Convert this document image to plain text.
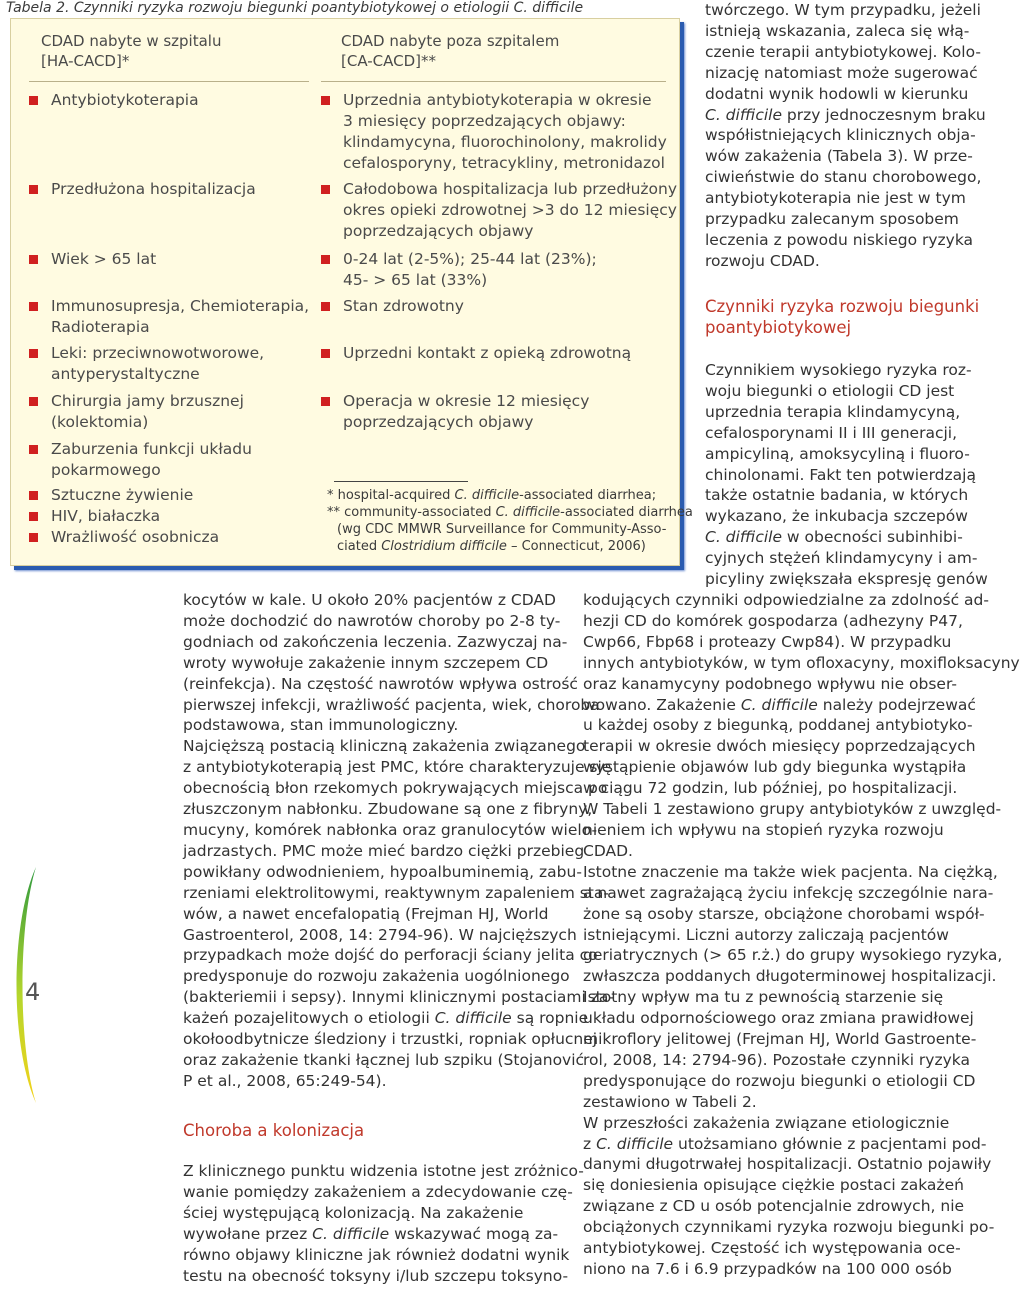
Tabela 2. Czynniki ryzyka rozwoju biegunki poantybiotykowej o etiologii C. difficile
CDAD nabyte w szpitalu
[HA-CACD]*
CDAD nabyte poza szpitalem
[CA-CACD]**
Antybiotykoterapia
Przedłużona hospitalizacja
Wiek > 65 lat
Immunosupresja, Chemioterapia,
Radioterapia
Leki: przeciwnowotworowe,
antyperystaltyczne
Chirurgia jamy brzusznej
(kolektomia)
Zaburzenia funkcji układu
pokarmowego
Sztuczne żywienie
HIV, białaczka
Wrażliwość osobnicza
Uprzednia antybiotykoterapia w okresie
3 miesięcy poprzedzających objawy:
klindamycyna, fluorochinolony, makrolidy
cefalosporyny, tetracykliny, metronidazol
Całodobowa hospitalizacja lub przedłużony
okres opieki zdrowotnej >3 do 12 miesięcy
poprzedzających objawy
0-24 lat (2-5%); 25-44 lat (23%);
45- > 65 lat (33%)
Stan zdrowotny
Uprzedni kontakt z opieką zdrowotną
Operacja w okresie 12 miesięcy
poprzedzających objawy
* hospital-acquired C. difficile-associated diarrhea;
** community-associated C. difficile-associated diarrhea
(wg CDC MMWR Surveillance for Community-Asso-
ciated Clostridium difficile – Connecticut, 2006)
4
kocytów w kale. U około 20% pacjentów z CDAD
może dochodzić do nawrotów choroby po 2-8 ty-
godniach od zakończenia leczenia. Zazwyczaj na-
wroty wywołuje zakażenie innym szczepem CD
(reinfekcja). Na częstość nawrotów wpływa ostrość
pierwszej infekcji, wrażliwość pacjenta, wiek, choroba
podstawowa, stan immunologiczny.
Najcięższą postacią kliniczną zakażenia związanego
z antybiotykoterapią jest PMC, które charakteryzuje się
obecnością błon rzekomych pokrywających miejsca po
złuszczonym nabłonku. Zbudowane są one z fibryny,
mucyny, komórek nabłonka oraz granulocytów wielo-
jadrzastych. PMC może mieć bardzo ciężki przebieg
powikłany odwodnieniem, hypoalbuminemią, zabu-
rzeniami elektrolitowymi, reaktywnym zapaleniem sta-
wów, a nawet encefalopatią (Frejman HJ, World
Gastroenterol, 2008, 14: 2794-96). W najcięższych
przypadkach może dojść do perforacji ściany jelita co
predysponuje do rozwoju zakażenia uogólnionego
(bakteriemii i sepsy). Innymi klinicznymi postaciami za-
każeń pozajelitowych o etiologii C. difficile są ropnie
okołoodbytnicze śledziony i trzustki, ropniak opłucnej
oraz zakażenie tkanki łącznej lub szpiku (Stojanović
P et al., 2008, 65:249-54).
Choroba a kolonizacja
Z klinicznego punktu widzenia istotne jest zróżnico-
wanie pomiędzy zakażeniem a zdecydowanie czę-
ściej występującą kolonizacją. Na zakażenie
wywołane przez C. difficile wskazywać mogą za-
równo objawy kliniczne jak również dodatni wynik
testu na obecność toksyny i/lub szczepu toksyno-
twórczego. W tym przypadku, jeżeli
istnieją wskazania, zaleca się włą-
czenie terapii antybiotykowej. Kolo-
nizację natomiast może sugerować
dodatni wynik hodowli w kierunku
C. difficile przy jednoczesnym braku
współistniejących klinicznych obja-
wów zakażenia (Tabela 3). W prze-
ciwieństwie do stanu chorobowego,
antybiotykoterapia nie jest w tym
przypadku zalecanym sposobem
leczenia z powodu niskiego ryzyka
rozwoju CDAD.
Czynniki ryzyka rozwoju biegunki
poantybiotykowej
Czynnikiem wysokiego ryzyka roz-
woju biegunki o etiologii CD jest
uprzednia terapia klindamycyną,
cefalosporynami II i III generacji,
ampicyliną, amoksycyliną i fluoro-
chinolonami. Fakt ten potwierdzają
także ostatnie badania, w których
wykazano, że inkubacja szczepów
C. difficile w obecności subinhibi-
cyjnych stężeń klindamycyny i am-
picyliny zwiększała ekspresję genów
kodujących czynniki odpowiedzialne za zdolność ad-
hezji CD do komórek gospodarza (adhezyny P47,
Cwp66, Fbp68 i proteazy Cwp84). W przypadku
innych antybiotyków, w tym ofloxacyny, moxifloksacyny
oraz kanamycyny podobnego wpływu nie obser-
wowano. Zakażenie C. difficile należy podejrzewać
u każdej osoby z biegunką, poddanej antybiotyko-
terapii w okresie dwóch miesięcy poprzedzających
wystąpienie objawów lub gdy biegunka wystąpiła
w ciągu 72 godzin, lub później, po hospitalizacji.
W Tabeli 1 zestawiono grupy antybiotyków z uwzględ-
nieniem ich wpływu na stopień ryzyka rozwoju
CDAD.
Istotne znaczenie ma także wiek pacjenta. Na ciężką,
a nawet zagrażającą życiu infekcję szczególnie nara-
żone są osoby starsze, obciążone chorobami współ-
istniejącymi. Liczni autorzy zaliczają pacjentów
geriatrycznych (> 65 r.ż.) do grupy wysokiego ryzyka,
zwłaszcza poddanych długoterminowej hospitalizacji.
Istotny wpływ ma tu z pewnością starzenie się
układu odpornościowego oraz zmiana prawidłowej
mikroflory jelitowej (Frejman HJ, World Gastroente-
rol, 2008, 14: 2794-96). Pozostałe czynniki ryzyka
predysponujące do rozwoju biegunki o etiologii CD
zestawiono w Tabeli 2.
W przeszłości zakażenia związane etiologicznie
z C. difficile utożsamiano głównie z pacjentami pod-
danymi długotrwałej hospitalizacji. Ostatnio pojawiły
się doniesienia opisujące ciężkie postaci zakażeń
związane z CD u osób potencjalnie zdrowych, nie
obciążonych czynnikami ryzyka rozwoju biegunki po-
antybiotykowej. Częstość ich występowania oce-
niono na 7.6 i 6.9 przypadków na 100 000 osób
